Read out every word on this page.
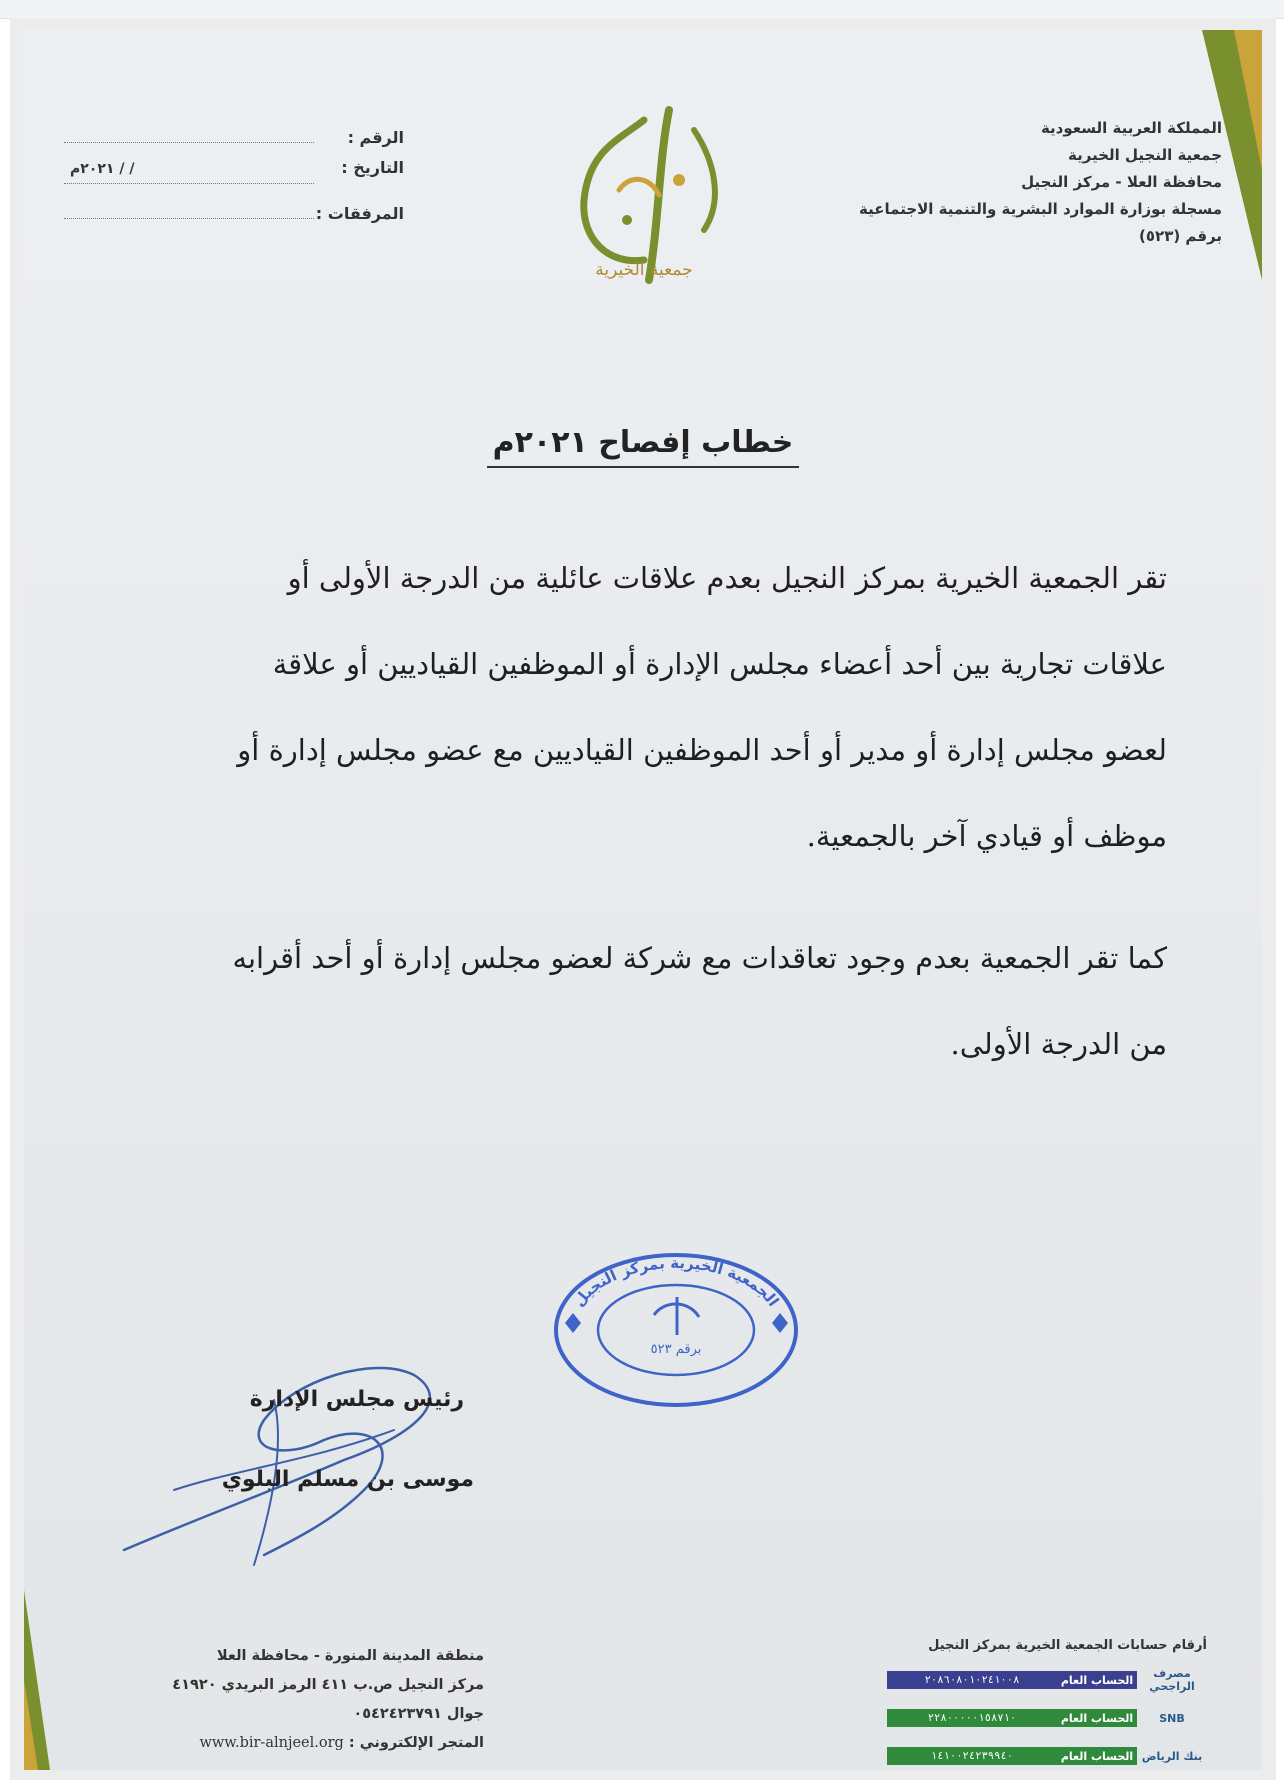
المملكة العربية السعودية
جمعية النجيل الخيرية
محافظة العلا - مركز النجيل
مسجلة بوزارة الموارد البشرية والتنمية الاجتماعية
برقم (٥٢٣)
الرقم :
التاريخ :
/ / ٢٠٢١م
المرفقات :
جمعية الخيرية
خطاب إفصاح ٢٠٢١م
تقر الجمعية الخيرية بمركز النجيل بعدم علاقات عائلية من الدرجة الأولى أو
علاقات تجارية بين أحد أعضاء مجلس الإدارة أو الموظفين القياديين أو علاقة
لعضو مجلس إدارة أو مدير أو أحد الموظفين القياديين مع عضو مجلس إدارة أو
موظف أو قيادي آخر بالجمعية.
كما تقر الجمعية بعدم وجود تعاقدات مع شركة لعضو مجلس إدارة أو أحد أقرابه
من الدرجة الأولى.
الجمعية الخيرية بمركز النجيل
برقم ٥٢٣
رئيس مجلس الإدارة
موسى بن مسلم البلوي
منطقة المدينة المنورة - محافظة العلا
مركز النجيل ص.ب ٤١١ الرمز البريدي ٤١٩٢٠
جوال ٠٥٤٢٤٢٣٧٩١
المتجر الإلكتروني : www.bir-alnjeel.org
أرقام حسابات الجمعية الخيرية بمركز النجيل
مصرف الراجحي
الحساب العام
٢٠٨٦٠٨٠١٠٢٤١٠٠٨
SNB
الحساب العام
٢٢٨٠٠٠٠٠١٥٨٧١٠
بنك الرياض
الحساب العام
١٤١٠٠٢٤٢٣٩٩٤٠
